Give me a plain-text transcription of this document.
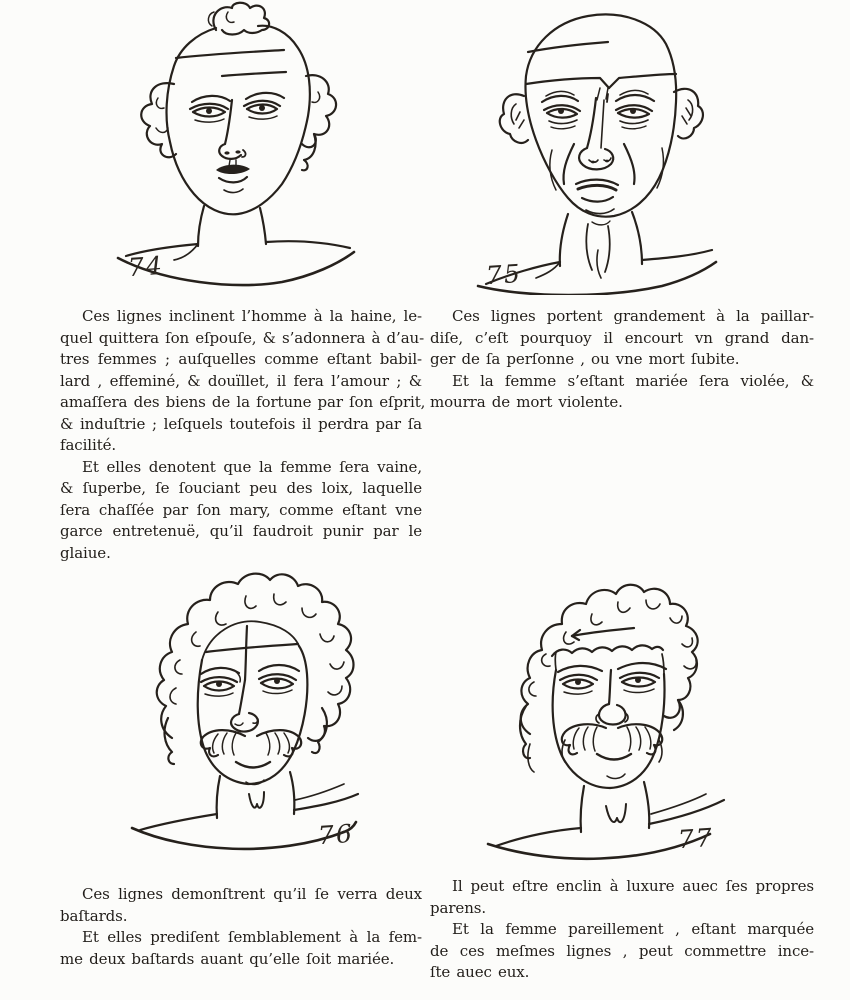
74	75
76	77
Ces lignes inclinent l’homme à la haine, le-
quel quittera ſon eſpouſe, & s’adonnera à d’au-
tres femmes ; auſquelles comme eſtant babil-
lard , effeminé, & douïllet, il fera l’amour ; &
amaſſera des biens de la fortune par ſon eſprit,
& induſtrie ; leſquels toutefois il perdra par ſa
facilité.
Et elles denotent que la femme ſera vaine,
& ſuperbe, ſe ſouciant peu des loix, laquelle
ſera chaſſée par ſon mary, comme eſtant vne
garce entretenuë, qu’il faudroit punir par le
glaiue.
Ces lignes portent grandement à la paillar-
diſe, c’eſt pourquoy il encourt vn grand dan-
ger de ſa perſonne , ou vne mort ſubite.
Et la femme s’eſtant mariée ſera violée, &
mourra de mort violente.
Ces lignes demonſtrent qu’il ſe verra deux
baſtards.
Et elles prediſent ſemblablement à la fem-
me deux baſtards auant qu’elle ſoit mariée.
Il peut eſtre enclin à luxure auec ſes propres
parens.
Et la femme pareillement , eſtant marquée
de ces meſmes lignes , peut commettre ince-
ſte auec eux.
